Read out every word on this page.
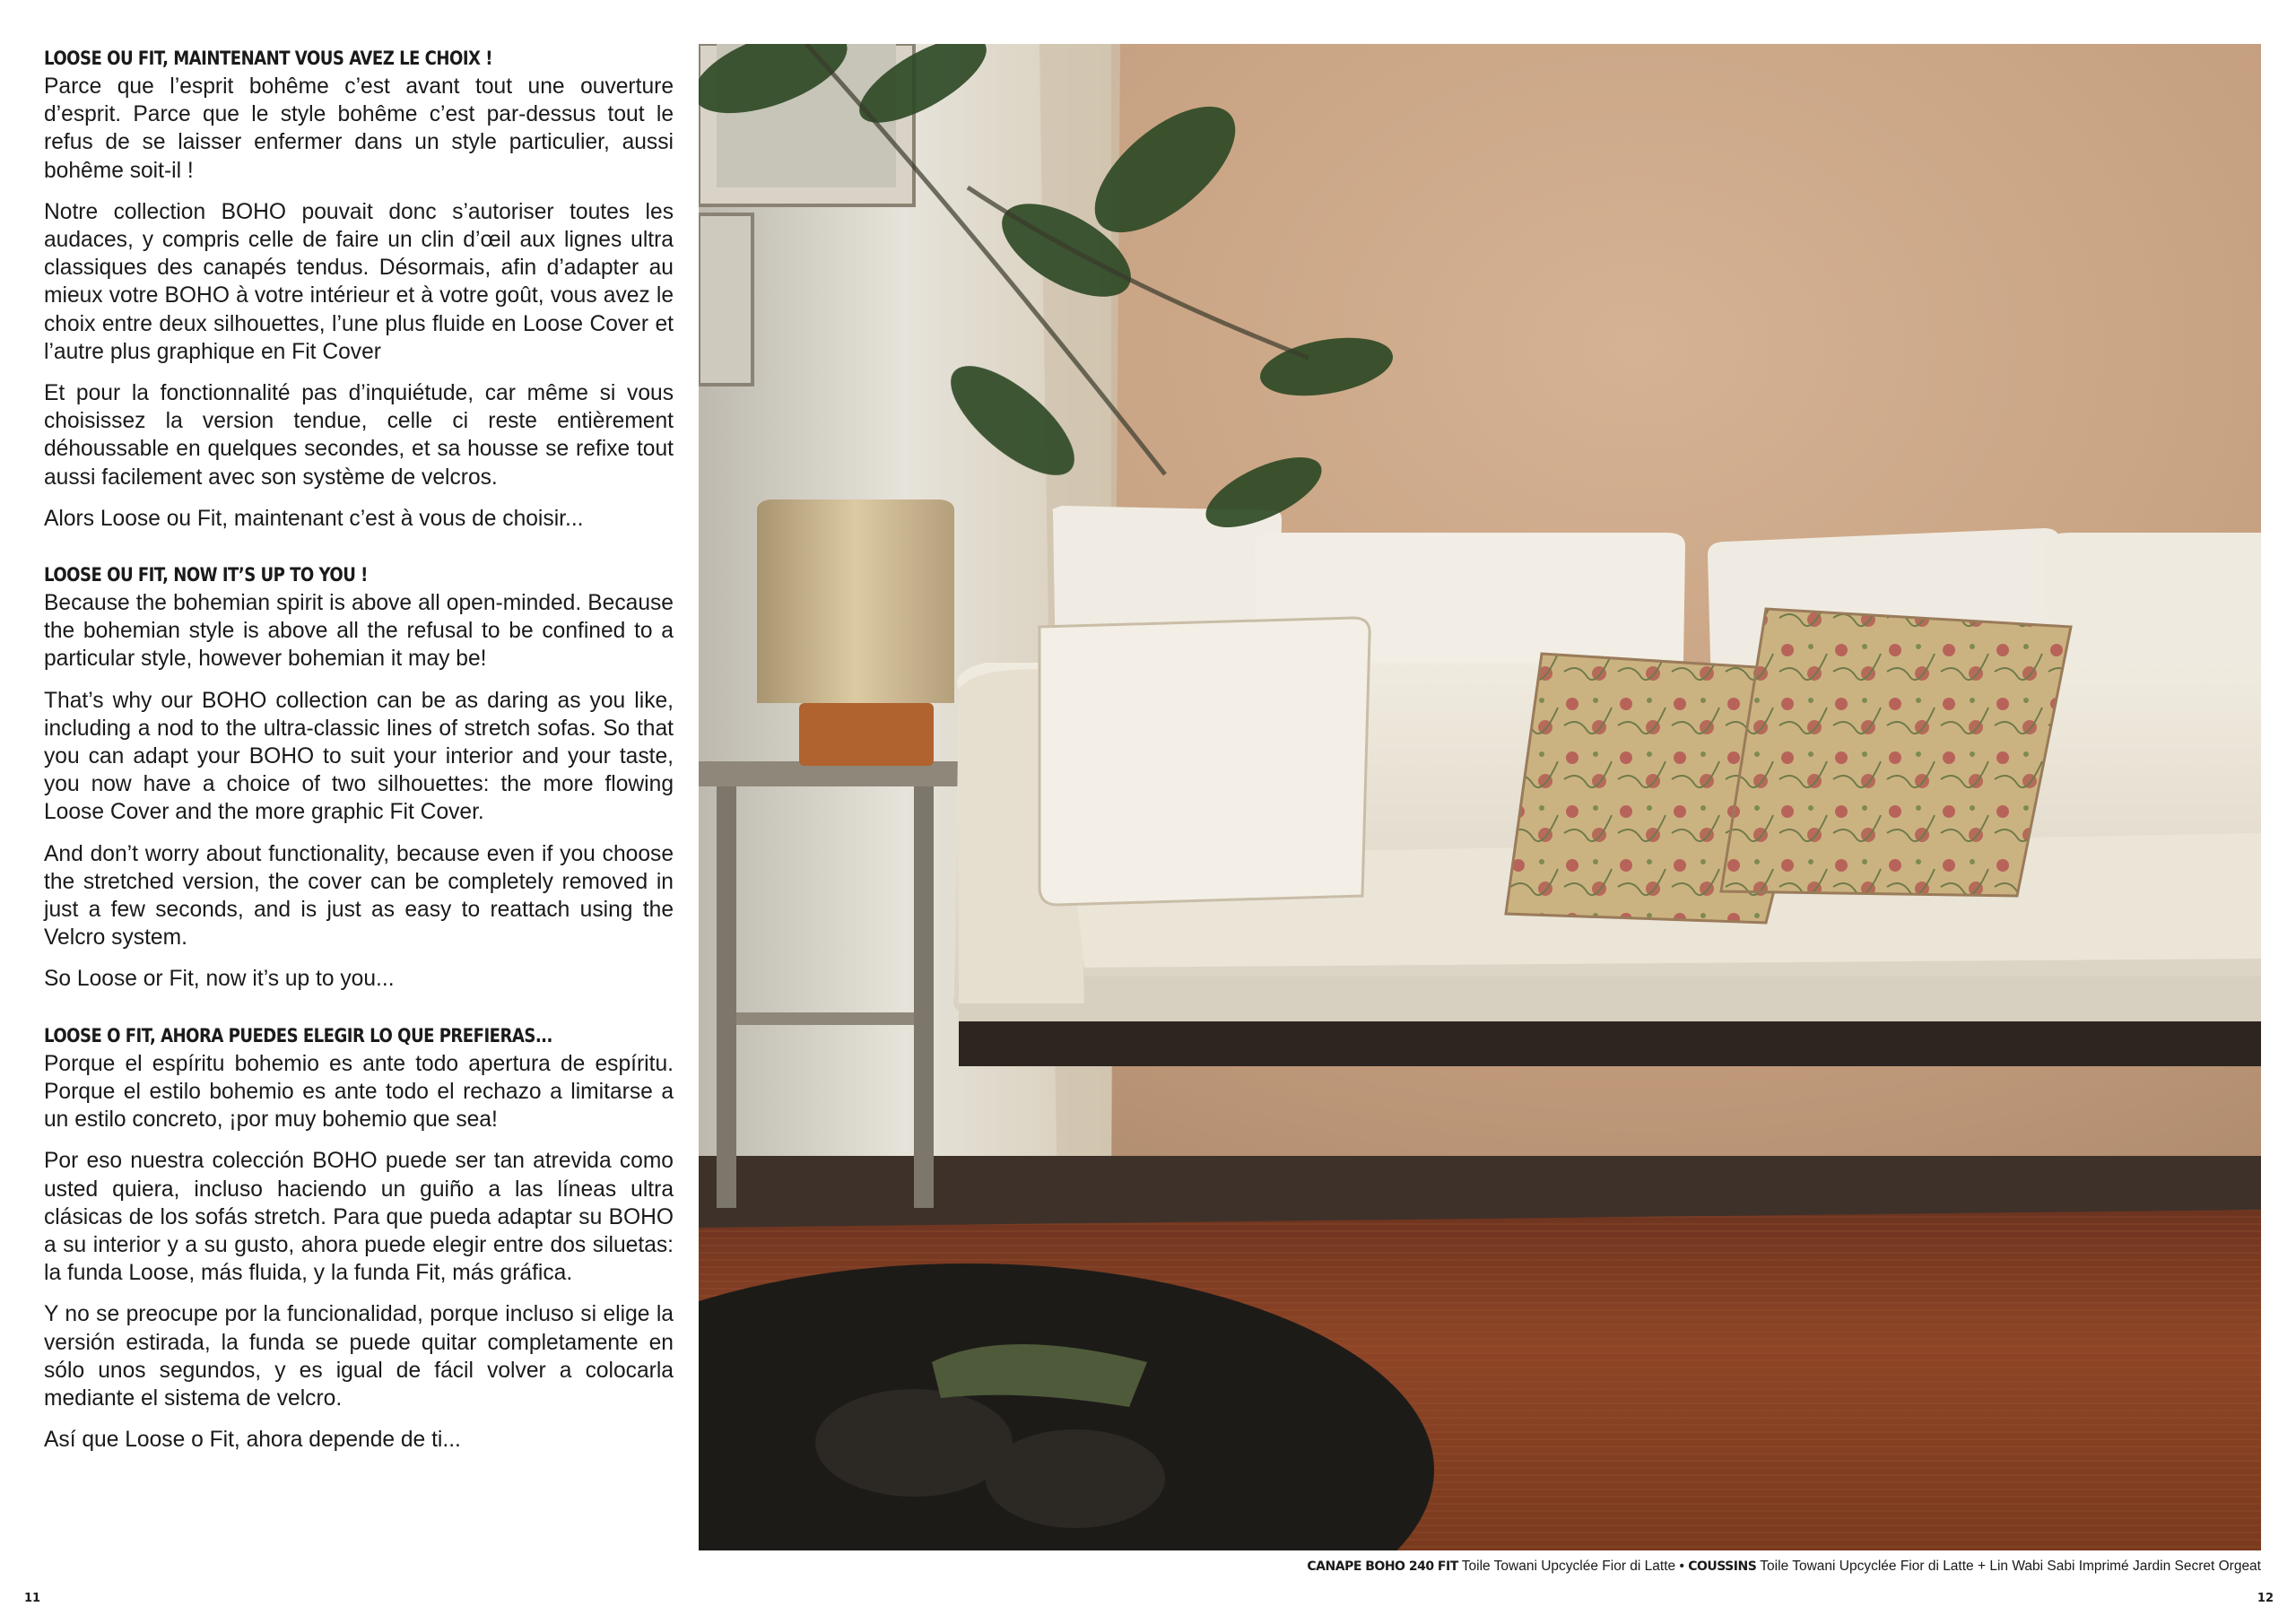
LOOSE OU FIT, MAINTENANT VOUS AVEZ LE CHOIX !

Parce que l’esprit bohême c’est avant tout une ouverture d’esprit. Parce que le style bohême c’est par-dessus tout le refus de se laisser enfermer dans un style particulier, aussi bohême soit-il !

Notre collection BOHO pouvait donc s’autoriser toutes les audaces, y compris celle de faire un clin d’œil aux lignes ultra classiques des canapés tendus. Désormais, afin d’adapter au mieux votre BOHO à votre intérieur et à votre goût, vous avez le choix entre deux silhouettes, l’une plus fluide en Loose Cover et l’autre plus graphique en Fit Cover

Et pour la fonctionnalité pas d’inquiétude, car même si vous choisissez la version tendue, celle ci reste entièrement déhoussable en quelques secondes, et sa housse se refixe tout aussi facilement avec son système de velcros.

Alors Loose ou Fit, maintenant c’est à vous de choisir...

LOOSE OU FIT, NOW IT’S UP TO YOU !

Because the bohemian spirit is above all open-minded. Because the bohemian style is above all the refusal to be confined to a particular style, however bohemian it may be!

That’s why our BOHO collection can be as daring as you like, including a nod to the ultra-classic lines of stretch sofas. So that you can adapt your BOHO to suit your interior and your taste, you now have a choice of two silhouettes: the more flowing Loose Cover and the more graphic Fit Cover.

And don’t worry about functionality, because even if you choose the stretched version, the cover can be completely removed in just a few seconds, and is just as easy to reattach using the Velcro system.

So Loose or Fit, now it’s up to you...

LOOSE O FIT, AHORA PUEDES ELEGIR LO QUE PREFIERAS...

Porque el espíritu bohemio es ante todo apertura de espíritu. Porque el estilo bohemio es ante todo el rechazo a limitarse a un estilo concreto, ¡por muy bohemio que sea!

Por eso nuestra colección BOHO puede ser tan atrevida como usted quiera, incluso haciendo un guiño a las líneas ultra clásicas de los sofás stretch. Para que pueda adaptar su BOHO a su interior y a su gusto, ahora puede elegir entre dos siluetas: la funda Loose, más fluida, y la funda Fit, más gráfica.

Y no se preocupe por la funcionalidad, porque incluso si elige la versión estirada, la funda se puede quitar completamente en sólo unos segundos, y es igual de fácil volver a colocarla mediante el sistema de velcro.

Así que Loose o Fit, ahora depende de ti...

CANAPE BOHO 240 FIT Toile Towani Upcyclée Fior di Latte • COUSSINS Toile Towani Upcyclée Fior di Latte + Lin Wabi Sabi Imprimé Jardin Secret Orgeat
11	12
